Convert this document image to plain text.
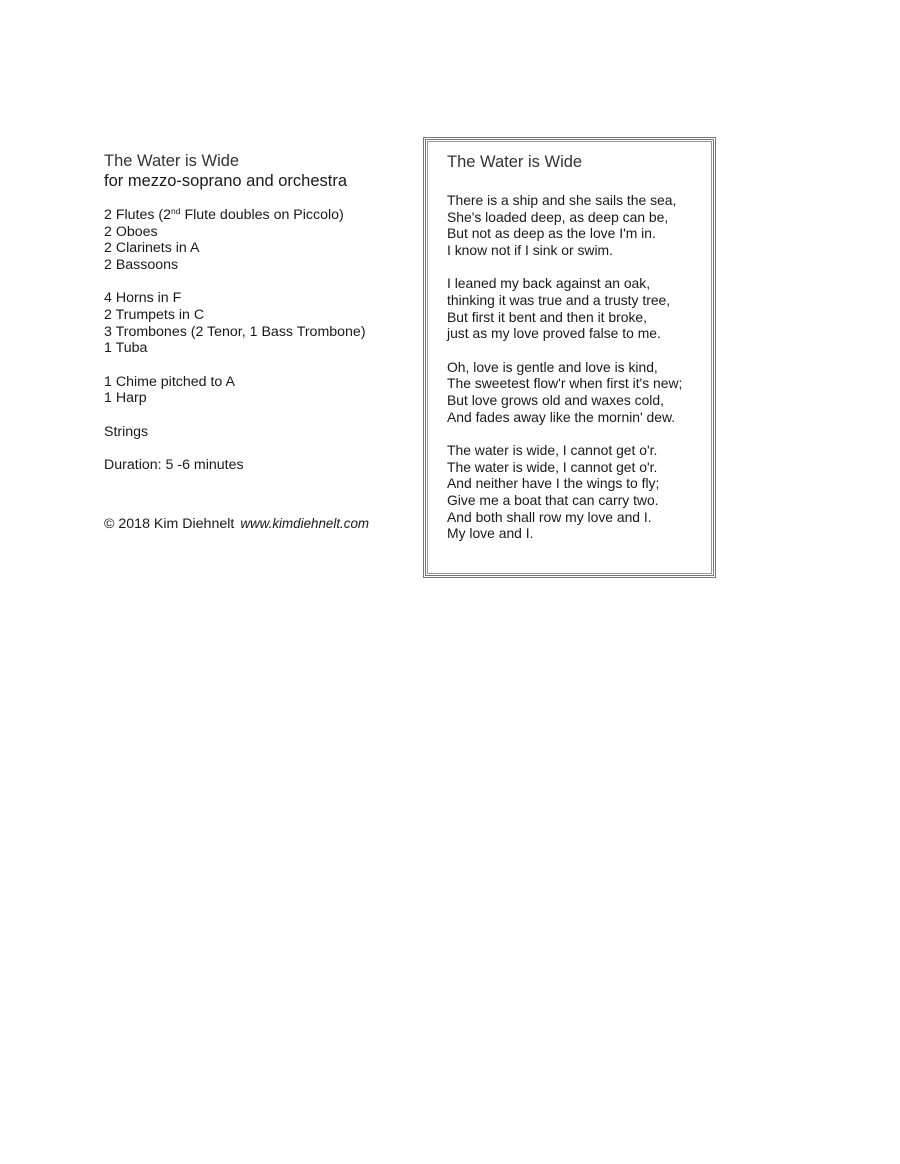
The Water is Wide
for mezzo-soprano and orchestra
2 Flutes (2nd Flute doubles on Piccolo)
2 Oboes
2 Clarinets in A
2 Bassoons
4 Horns in F
2 Trumpets in C
3 Trombones (2 Tenor, 1 Bass Trombone)
1 Tuba
1 Chime pitched to A
1 Harp
Strings
Duration: 5 -6 minutes
© 2018 Kim Diehnelt www.kimdiehnelt.com
The Water is Wide
There is a ship and she sails the sea,
She's loaded deep, as deep can be,
But not as deep as the love I'm in.
I know not if I sink or swim.
I leaned my back against an oak,
thinking it was true and a trusty tree,
But first it bent and then it broke,
just as my love proved false to me.
Oh, love is gentle and love is kind,
The sweetest flow'r when first it's new;
But love grows old and waxes cold,
And fades away like the mornin' dew.
The water is wide, I cannot get o'r.
The water is wide, I cannot get o'r.
And neither have I the wings to fly;
Give me a boat that can carry two.
And both shall row my love and I.
My love and I.
